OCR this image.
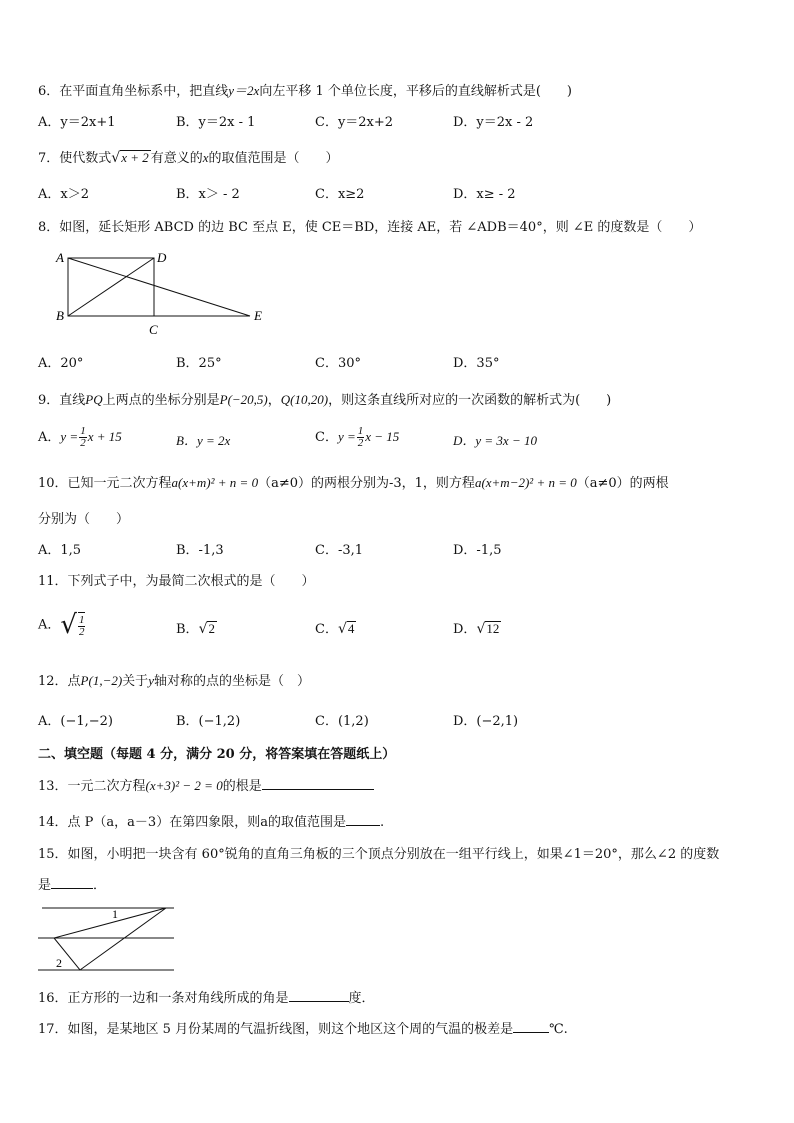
6．在平面直角坐标系中，把直线y＝2x向左平移 1 个单位长度，平移后的直线解析式是(　　)
A．y＝2x+1	B．y＝2x - 1	C．y＝2x+2	D．y＝2x - 2
7．使代数式√x + 2 有意义的x的取值范围是（　　）
A．x＞2	B．x＞ - 2	C．x≥2	D．x≥ - 2
8．如图，延长矩形 ABCD 的边 BC 至点 E，使 CE＝BD，连接 AE，若 ∠ADB＝40°，则 ∠E 的度数是（　　）
A	D
B
C
E
A．20°	B．25°	C．30°	D．35°
9．直线PQ上两点的坐标分别是P(−20,5)，Q(10,20)，则这条直线所对应的一次函数的解析式为(　　)
A．$y = \frac{1}{2}$ x + 15	B．y = 2x	C．$y = \frac{1}{2}$ x − 15	D．y = 3x − 10
10．已知一元二次方程a(x+m)² + n = 0（a≠0）的两根分别为-3，1，则方程a(x+m−2)² + n = 0（a≠0）的两根
分别为（　　）
A．1,5	B．-1,3	C．-3,1	D．-1,5
11．下列式子中，为最简二次根式的是（　　）
A．√ $\frac{1}{2}$	B．√2	C．√4	D．√12
12．点P(1,−2)关于y轴对称的点的坐标是（　）
A．(−1,−2)	B．(−1,2)	C．(1,2)	D．(−2,1)
二、填空题（每题 4 分，满分 20 分，将答案填在答题纸上）
13．一元二次方程(x+3)² − 2 = 0的根是
14．点 P（a，a－3）在第四象限，则a的取值范围是	.
15．如图，小明把一块含有 60°锐角的直角三角板的三个顶点分别放在一组平行线上，如果∠1＝20°，那么∠2 的度数
是	．
1
2
16．正方形的一边和一条对角线所成的角是	度．
17．如图，是某地区 5 月份某周的气温折线图，则这个地区这个周的气温的极差是	℃.
